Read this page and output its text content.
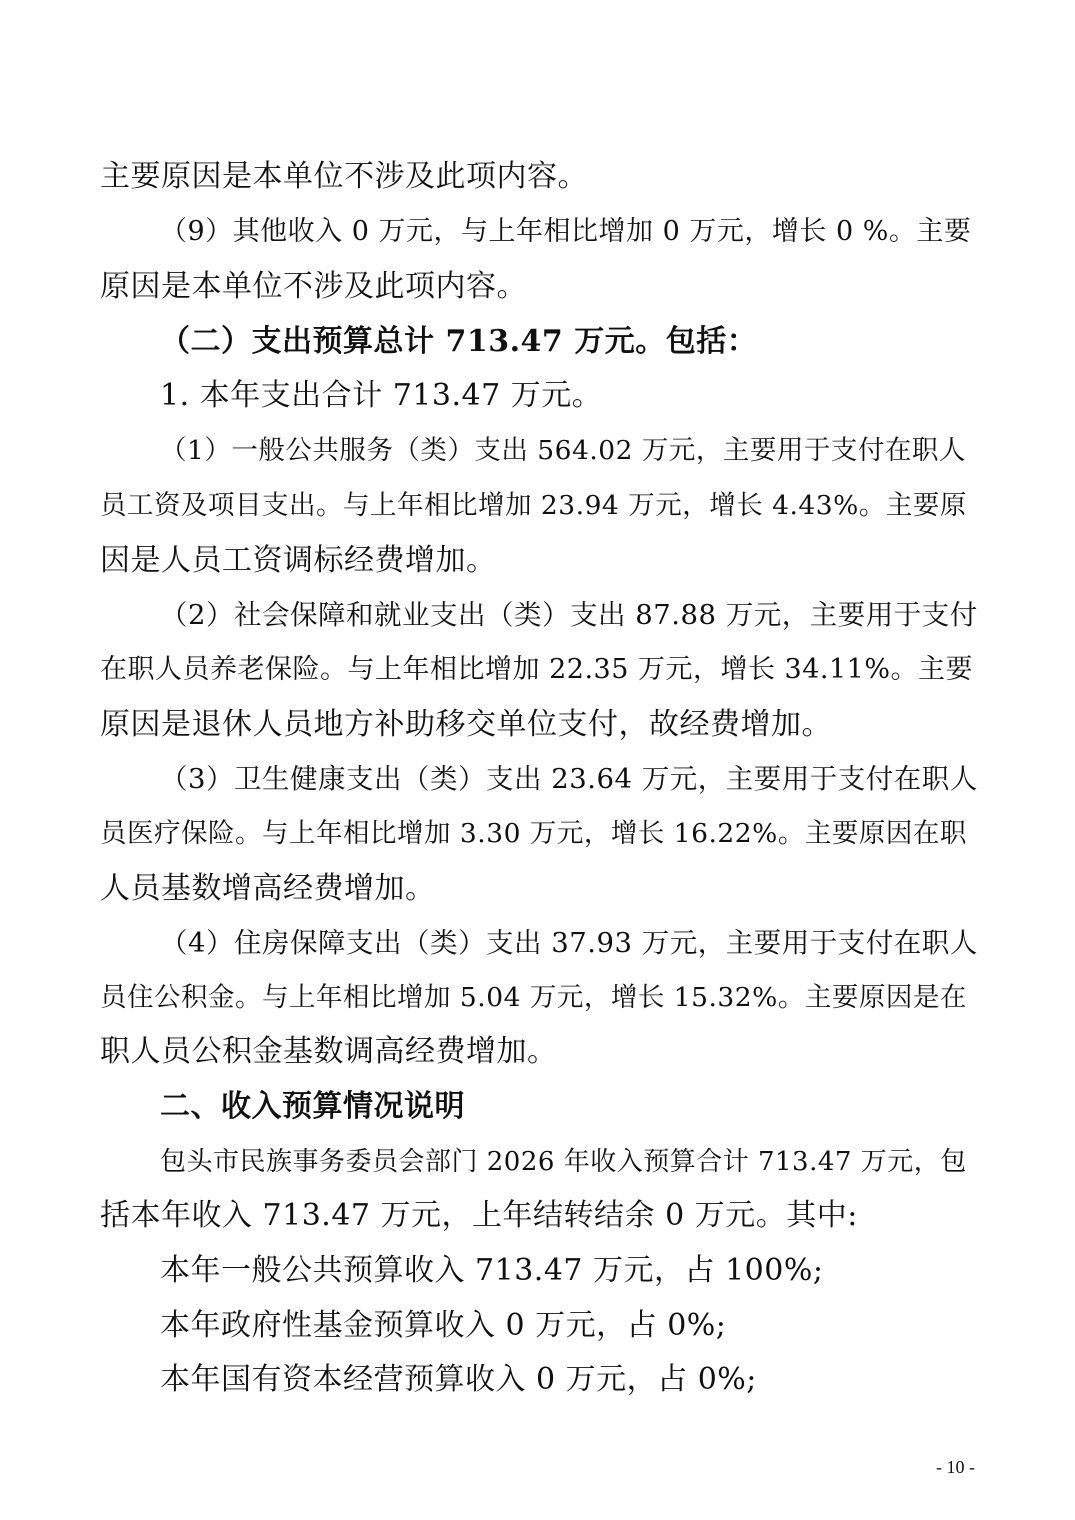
主要原因是本单位不涉及此项内容。
（9）其他收入 0 万元，与上年相比增加 0 万元，增长 0 %。主要
原因是本单位不涉及此项内容。
（二）支出预算总计 713.47 万元。包括：
1. 本年支出合计 713.47 万元。
（1）一般公共服务（类）支出 564.02 万元，主要用于支付在职人
员工资及项目支出。与上年相比增加 23.94 万元，增长 4.43%。主要原
因是人员工资调标经费增加。
（2）社会保障和就业支出（类）支出 87.88 万元，主要用于支付
在职人员养老保险。与上年相比增加 22.35 万元，增长 34.11%。主要
原因是退休人员地方补助移交单位支付，故经费增加。
（3）卫生健康支出（类）支出 23.64 万元，主要用于支付在职人
员医疗保险。与上年相比增加 3.30 万元，增长 16.22%。主要原因在职
人员基数增高经费增加。
（4）住房保障支出（类）支出 37.93 万元，主要用于支付在职人
员住公积金。与上年相比增加 5.04 万元，增长 15.32%。主要原因是在
职人员公积金基数调高经费增加。
二、收入预算情况说明
包头市民族事务委员会部门 2026 年收入预算合计 713.47 万元，包
括本年收入 713.47 万元，上年结转结余 0 万元。其中:
本年一般公共预算收入 713.47 万元，占 100%;
本年政府性基金预算收入 0 万元，占 0%;
本年国有资本经营预算收入 0 万元，占 0%;
- 10 -
